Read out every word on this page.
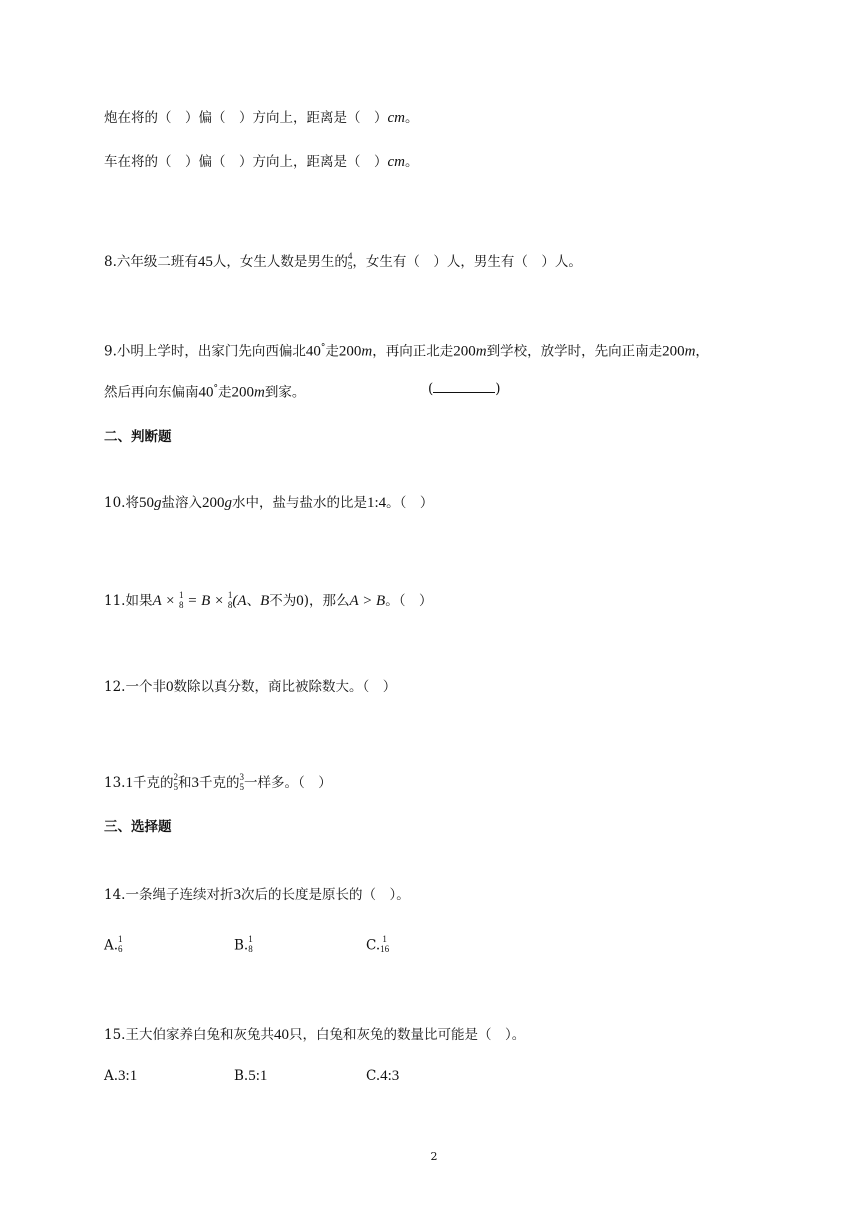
炮在将的（　）偏（　）方向上，距离是（　）cm。
车在将的（　）偏（　）方向上，距离是（　）cm。
8.六年级二班有45人，女生人数是男生的 4
5 ，女生有（　）人，男生有（　）人。
9.小明上学时，出家门先向西偏北40°走200m，再向正北走200m到学校，放学时，先向正南走200m，
然后再向东偏南40°走200m到家。	(	)
二、判断题
10.将50g盐溶入200g水中，盐与盐水的比是1:4。（　）
11.如果A × 1
8 = B × 1
8 (A、B不为0)，那么A > B。（　）
12.一个非0数除以真分数，商比被除数大。（　）
13.1千克的 2
5 和3千克的 3
5 一样多。（　）
三、选择题
14.一条绳子连续对折3次后的长度是原长的（　）。
A. 1
6	B. 1
8	C. 1
16
15.王大伯家养白兔和灰兔共40只，白兔和灰兔的数量比可能是（　）。
A.3:1	B.5:1	C.4:3
2
